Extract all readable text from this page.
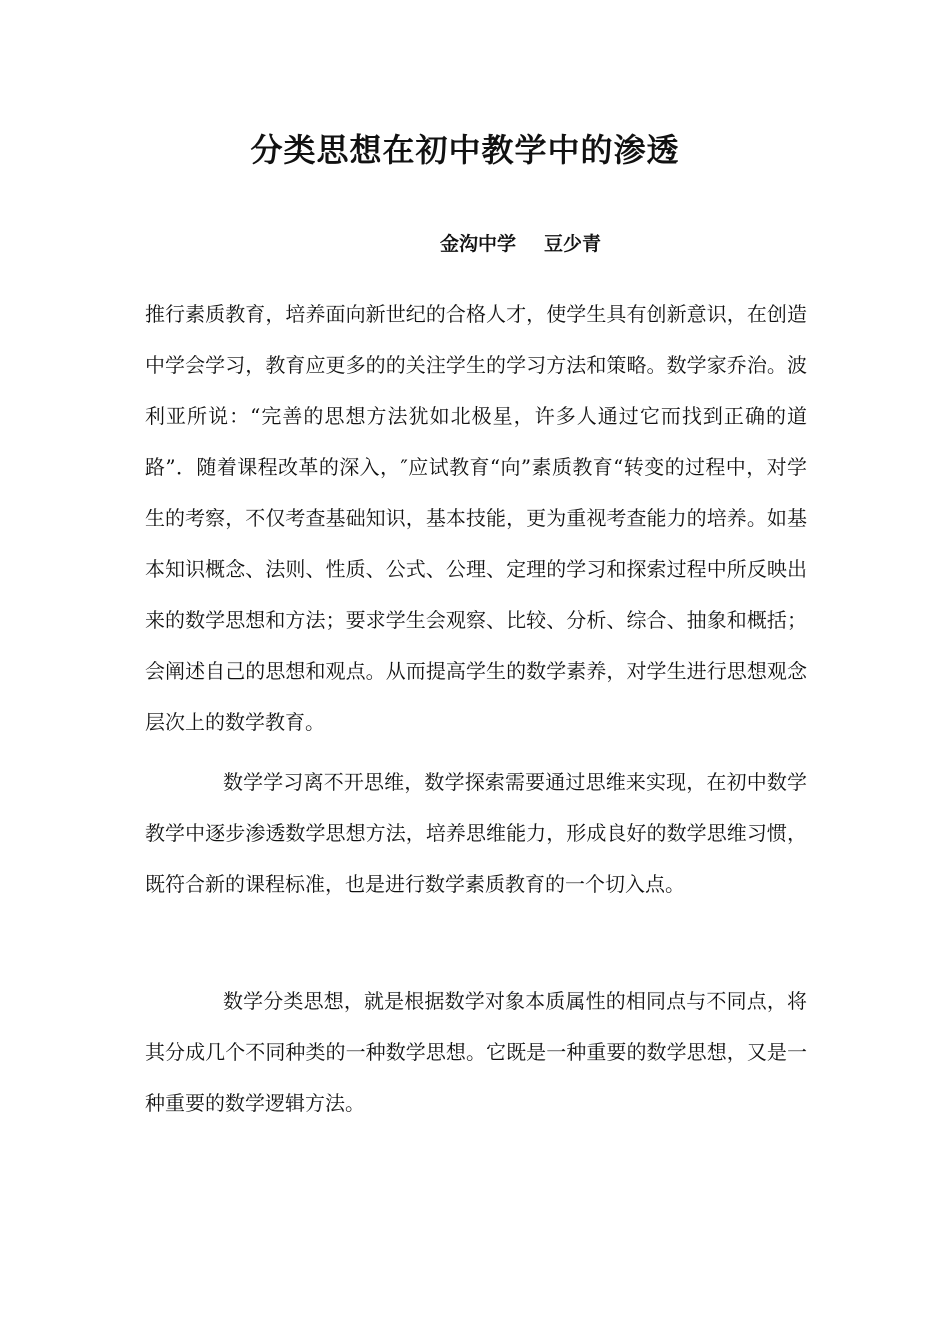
分类思想在初中教学中的渗透
金沟中学 豆少青

推行素质教育，培养面向新世纪的合格人才，使学生具有创新意识，在创造中学会学习，教育应更多的的关注学生的学习方法和策略。数学家乔治。波利亚所说：“完善的思想方法犹如北极星，许多人通过它而找到正确的道路”．随着课程改革的深入，″应试教育“向”素质教育“转变的过程中，对学生的考察，不仅考查基础知识，基本技能，更为重视考查能力的培养。如基本知识概念、法则、性质、公式、公理、定理的学习和探索过程中所反映出来的数学思想和方法；要求学生会观察、比较、分析、综合、抽象和概括；会阐述自己的思想和观点。从而提高学生的数学素养，对学生进行思想观念层次上的数学教育。

数学学习离不开思维，数学探索需要通过思维来实现，在初中数学教学中逐步渗透数学思想方法，培养思维能力，形成良好的数学思维习惯，既符合新的课程标准，也是进行数学素质教育的一个切入点。

数学分类思想，就是根据数学对象本质属性的相同点与不同点，将其分成几个不同种类的一种数学思想。它既是一种重要的数学思想，又是一种重要的数学逻辑方法。
